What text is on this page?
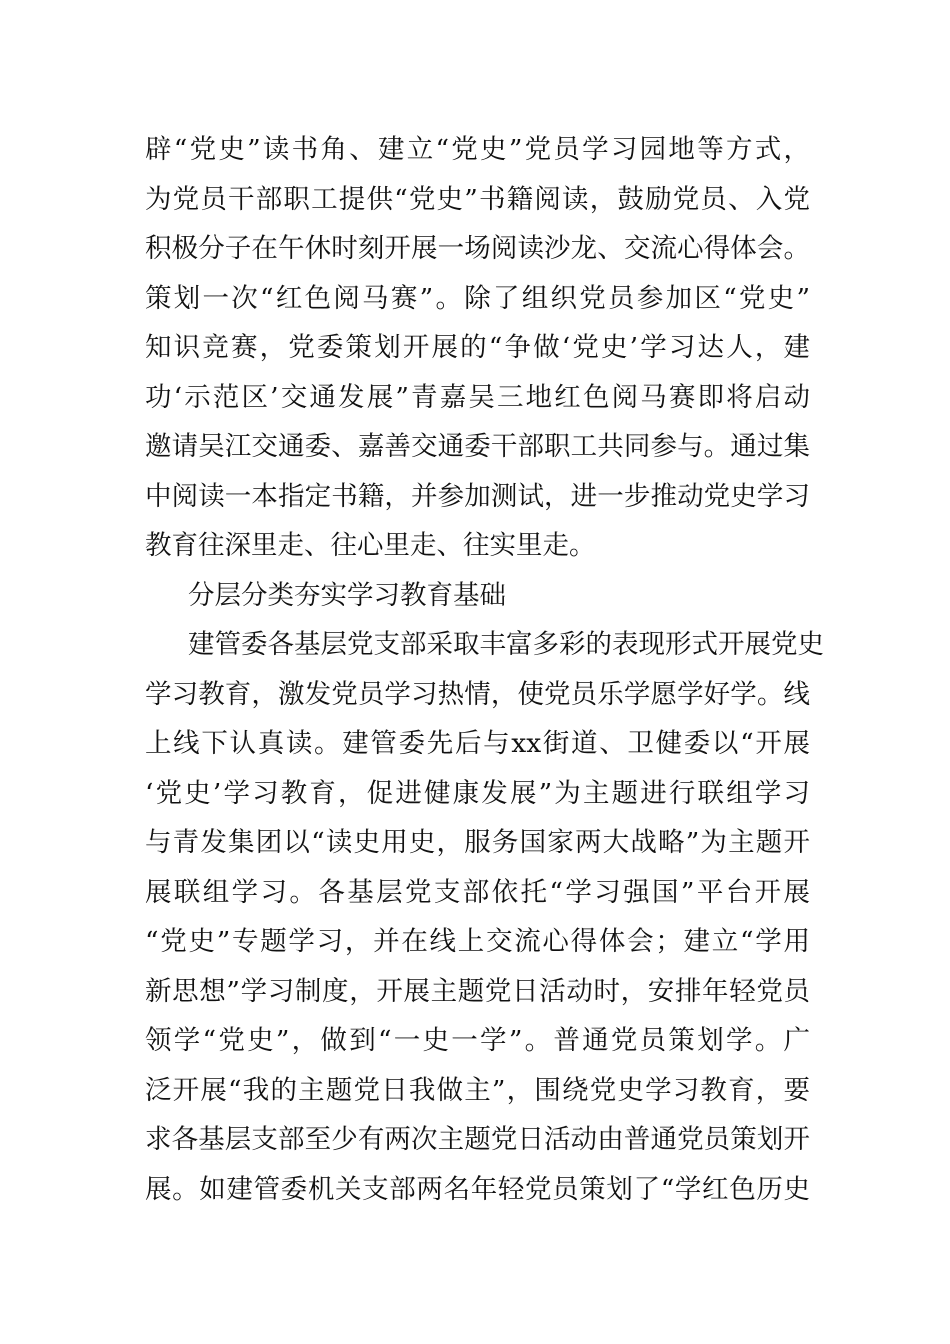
辟“党史”读书角、建立“党史”党员学习园地等方式，
为党员干部职工提供“党史”书籍阅读，鼓励党员、入党
积极分子在午休时刻开展一场阅读沙龙、交流心得体会。
策划一次“红色阅马赛”。除了组织党员参加区“党史”
知识竞赛，党委策划开展的“争做‘党史’学习达人，建
功‘示范区’交通发展”青嘉吴三地红色阅马赛即将启动
邀请吴江交通委、嘉善交通委干部职工共同参与。通过集
中阅读一本指定书籍，并参加测试，进一步推动党史学习
教育往深里走、往心里走、往实里走。
分层分类夯实学习教育基础
建管委各基层党支部采取丰富多彩的表现形式开展党史
学习教育，激发党员学习热情，使党员乐学愿学好学。线
上线下认真读。建管委先后与xx街道、卫健委以“开展
‘党史’学习教育，促进健康发展”为主题进行联组学习
与青发集团以“读史用史，服务国家两大战略”为主题开
展联组学习。各基层党支部依托“学习强国”平台开展
“党史”专题学习，并在线上交流心得体会；建立“学用
新思想”学习制度，开展主题党日活动时，安排年轻党员
领学“党史”，做到“一史一学”。普通党员策划学。广
泛开展“我的主题党日我做主”，围绕党史学习教育，要
求各基层支部至少有两次主题党日活动由普通党员策划开
展。如建管委机关支部两名年轻党员策划了“学红色历史
